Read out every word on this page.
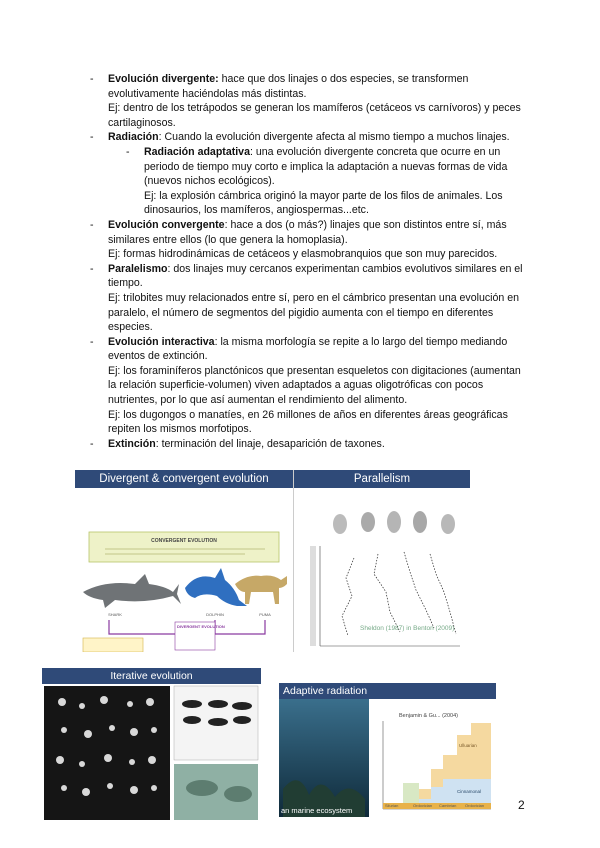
- Evolución divergente: hace que dos linajes o dos especies, se transformen evolutivamente haciéndolas más distintas.

Ej: dentro de los tetrápodos se generan los mamíferos (cetáceos vs carnívoros) y peces cartilaginosos.

- Radiación: Cuando la evolución divergente afecta al mismo tiempo a muchos linajes.

- Radiación adaptativa: una evolución divergente concreta que ocurre en un periodo de tiempo muy corto e implica la adaptación a nuevas formas de vida (nuevos nichos ecológicos).

Ej: la explosión cámbrica originó la mayor parte de los filos de animales. Los dinosaurios, los mamíferos, angiospermas...etc.

- Evolución convergente: hace a dos (o más?) linajes que son distintos entre sí, más similares entre ellos (lo que genera la homoplasia).

Ej: formas hidrodinámicas de cetáceos y elasmobranquios que son muy parecidos.

- Paralelismo: dos linajes muy cercanos experimentan cambios evolutivos similares en el tiempo.

Ej: trilobites muy relacionados entre sí, pero en el cámbrico presentan una evolución en paralelo, el número de segmentos del pigidio aumenta con el tiempo en diferentes especies.

- Evolución interactiva: la misma morfología se repite a lo largo del tiempo mediando eventos de extinción.

Ej: los foraminíferos planctónicos que presentan esqueletos con digitaciones (aumentan la relación superficie-volumen) viven adaptados a aguas oligotróficas con pocos nutrientes, por lo que así aumentan el rendimiento del alimento.

Ej: los dugongos o manatíes, en 26 millones de años en diferentes áreas geográficas repiten los mismos morfotipos.

- Extinción: terminación del linaje, desaparición de taxones.

Divergent & convergent evolution
CONVERGENT EVOLUTION
SHARK	DOLPHIN	PUMA
DIVERGENT EVOLUTION
Parallelism
Sheldon (1987) in Benton (2009)
Iterative evolution
Adaptive radiation
an marine ecosystem
Benjamin & Gu... (2004)
Silurian	Ordovician Cambrian Ordovician
Ulluarian
Cinnamonal
2
